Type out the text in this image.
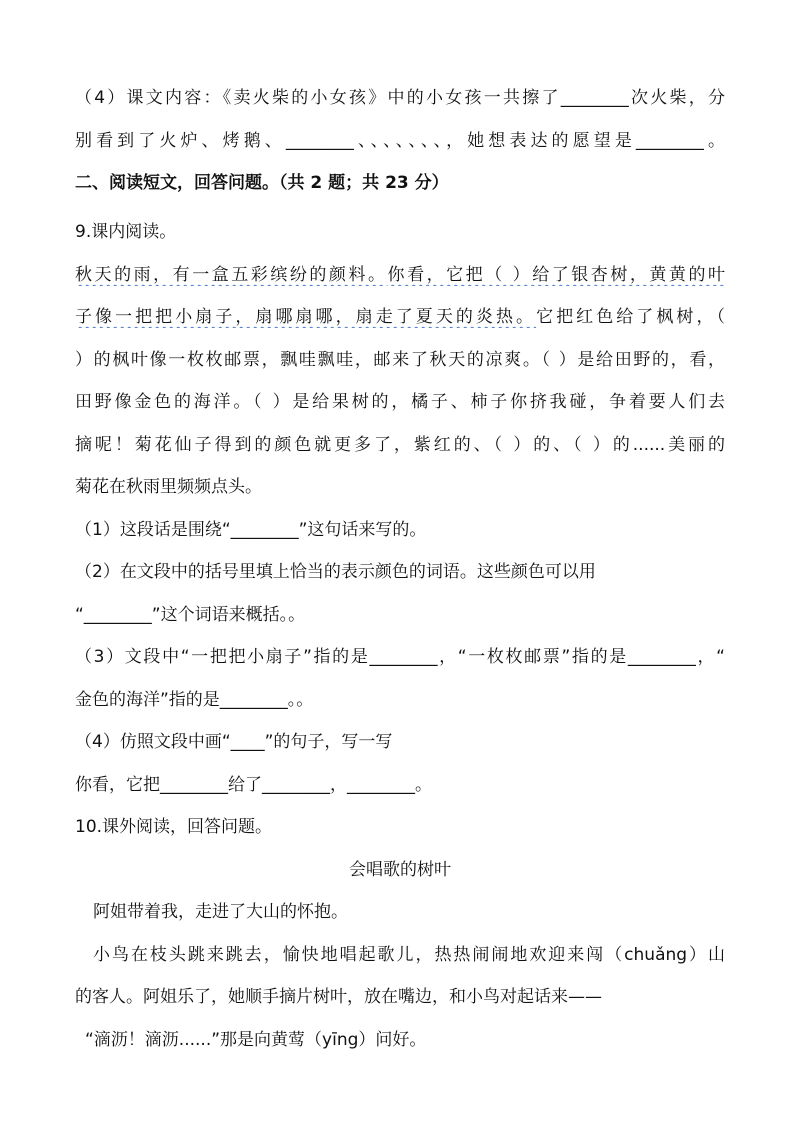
（4）课文内容：《卖火柴的小女孩》中的小女孩一共擦了________次火柴，分
别看到了火炉、烤鹅、________、、、、、、、，她想表达的愿望是________。
二、阅读短文，回答问题。（共 2 题；共 23 分）
9.课内阅读。
秋天的雨，有一盒五彩缤纷的颜料。你看，它把（ ）给了银杏树，黄黄的叶
子像一把把小扇子，扇哪扇哪，扇走了夏天的炎热。它把红色给了枫树，（
）的枫叶像一枚枚邮票，飘哇飘哇，邮来了秋天的凉爽。（ ）是给田野的，看，
田野像金色的海洋。（ ）是给果树的，橘子、柿子你挤我碰，争着要人们去
摘呢！菊花仙子得到的颜色就更多了，紫红的、（ ）的、（ ）的......美丽的
菊花在秋雨里频频点头。
（1）这段话是围绕“________”这句话来写的。
（2）在文段中的括号里填上恰当的表示颜色的词语。这些颜色可以用
“________”这个词语来概括。。
（3）文段中“一把把小扇子”指的是________，“一枚枚邮票”指的是________，“
金色的海洋”指的是________。。
（4）仿照文段中画“____”的句子，写一写
你看，它把________给了________，________。
10.课外阅读，回答问题。
会唱歌的树叶
阿姐带着我，走进了大山的怀抱。
小鸟在枝头跳来跳去，愉快地唱起歌儿，热热闹闹地欢迎来闯（chuǎng）山
的客人。阿姐乐了，她顺手摘片树叶，放在嘴边，和小鸟对起话来——
“滴沥！滴沥......”那是向黄莺（yīng）问好。
